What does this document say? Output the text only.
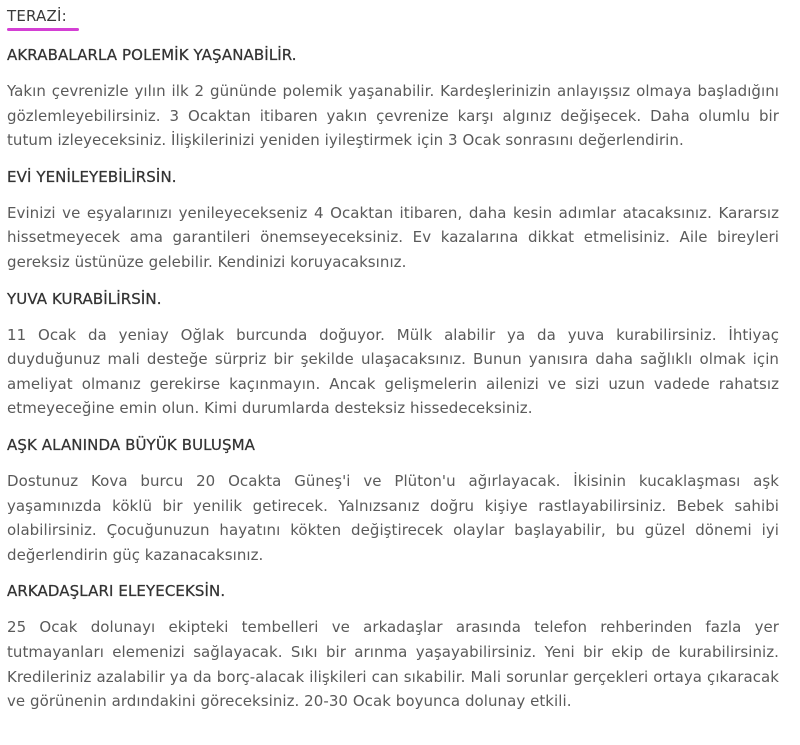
TERAZİ:
AKRABALARLA POLEMİK YAŞANABİLİR.

Yakın çevrenizle yılın ilk 2 gününde polemik yaşanabilir. Kardeşlerinizin anlayışsız olmaya başladığını gözlemleyebilirsiniz. 3 Ocaktan itibaren yakın çevrenize karşı algınız değişecek. Daha olumlu bir tutum izleyeceksiniz. İlişkilerinizi yeniden iyileştirmek için 3 Ocak sonrasını değerlendirin.

EVİ YENİLEYEBİLİRSİN.

Evinizi ve eşyalarınızı yenileyecekseniz 4 Ocaktan itibaren, daha kesin adımlar atacaksınız. Kararsız hissetmeyecek ama garantileri önemseyeceksiniz. Ev kazalarına dikkat etmelisiniz. Aile bireyleri gereksiz üstünüze gelebilir. Kendinizi koruyacaksınız.

YUVA KURABİLİRSİN.

11 Ocak da yeniay Oğlak burcunda doğuyor. Mülk alabilir ya da yuva kurabilirsiniz. İhtiyaç duyduğunuz mali desteğe sürpriz bir şekilde ulaşacaksınız. Bunun yanısıra daha sağlıklı olmak için ameliyat olmanız gerekirse kaçınmayın. Ancak gelişmelerin ailenizi ve sizi uzun vadede rahatsız etmeyeceğine emin olun. Kimi durumlarda desteksiz hissedeceksiniz.

AŞK ALANINDA BÜYÜK BULUŞMA

Dostunuz Kova burcu 20 Ocakta Güneş'i ve Plüton'u ağırlayacak. İkisinin kucaklaşması aşk yaşamınızda köklü bir yenilik getirecek. Yalnızsanız doğru kişiye rastlayabilirsiniz. Bebek sahibi olabilirsiniz. Çocuğunuzun hayatını kökten değiştirecek olaylar başlayabilir, bu güzel dönemi iyi değerlendirin güç kazanacaksınız.

ARKADAŞLARI ELEYECEKSİN.

25 Ocak dolunayı ekipteki tembelleri ve arkadaşlar arasında telefon rehberinden fazla yer tutmayanları elemenizi sağlayacak. Sıkı bir arınma yaşayabilirsiniz. Yeni bir ekip de kurabilirsiniz. Kredileriniz azalabilir ya da borç-alacak ilişkileri can sıkabilir. Mali sorunlar gerçekleri ortaya çıkaracak ve görünenin ardındakini göreceksiniz. 20-30 Ocak boyunca dolunay etkili.
